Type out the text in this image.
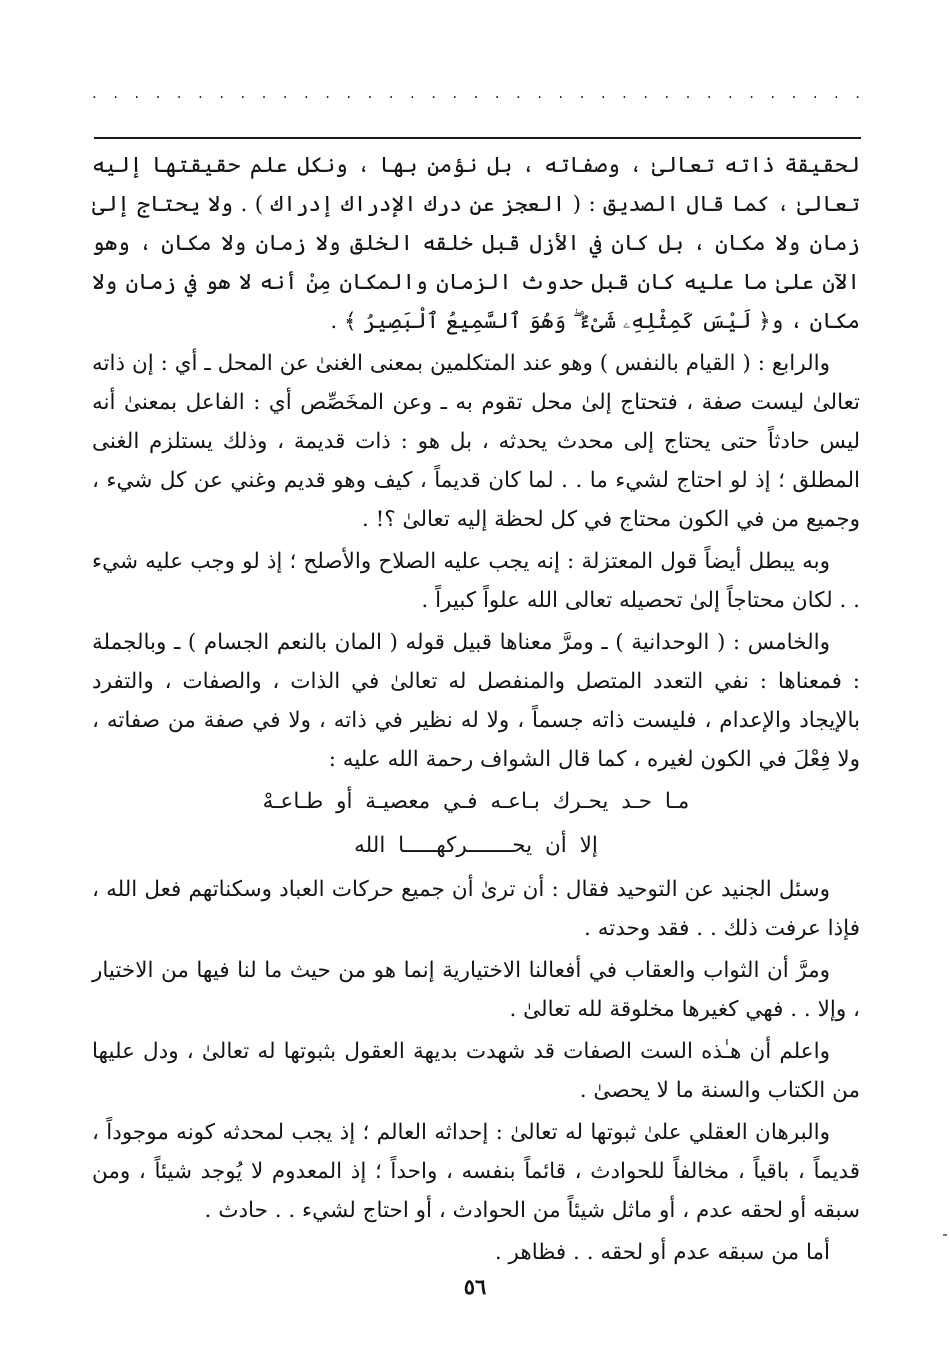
. . . . . . . . . . . . . . . . . . . . . . . . . . . . . . . . . . . . .

لحقيقة ذاته تعالىٰ ، وصفاته ، بل نؤمن بها ، ونكل علم حقيقتها إليه تعالىٰ ، كما قال الصديق : ( العجز عن درك الإدراك إدراك ) . ولا يحتاج إلىٰ زمان ولا مكان ، بل كان في الأزل قبل خلقه الخلق ولا زمان ولا مكان ، وهو الآن علىٰ ما عليه كان قبل حدوث الزمان والمكان مِنْ أنه لا هو في زمان ولا مكان ، و﴿ لَيْسَ كَمِثْلِهِۦ شَىْءٌ ۖ وَهُوَ ٱلسَّمِيعُ ٱلْبَصِيرُ ﴾ .

والرابع : ( القيام بالنفس ) وهو عند المتكلمين بمعنى الغنىٰ عن المحل ـ أي : إن ذاته تعالىٰ ليست صفة ، فتحتاج إلىٰ محل تقوم به ـ وعن المخَصِّص أي : الفاعل بمعنىٰ أنه ليس حادثاً حتى يحتاج إلى محدث يحدثه ، بل هو : ذات قديمة ، وذلك يستلزم الغنى المطلق ؛ إذ لو احتاج لشيء ما . . لما كان قديماً ، كيف وهو قديم وغني عن كل شيء ، وجميع من في الكون محتاج في كل لحظة إليه تعالىٰ ؟! .

وبه يبطل أيضاً قول المعتزلة : إنه يجب عليه الصلاح والأصلح ؛ إذ لو وجب عليه شيء . . لكان محتاجاً إلىٰ تحصيله تعالى الله علواً كبيراً .

والخامس : ( الوحدانية ) ـ ومرَّ معناها قبيل قوله ( المان بالنعم الجسام ) ـ وبالجملة : فمعناها : نفي التعدد المتصل والمنفصل له تعالىٰ في الذات ، والصفات ، والتفرد بالإيجاد والإعدام ، فليست ذاته جسماً ، ولا له نظير في ذاته ، ولا في صفة من صفاته ، ولا فِعْلَ في الكون لغيره ، كما قال الشواف رحمة الله عليه :

مـا حـد يحـرك بـاعـه فـي معصيـة أو طـاعـهْ
إلا أن يحـــــــركهـــــا الله

وسئل الجنيد عن التوحيد فقال : أن ترىٰ أن جميع حركات العباد وسكناتهم فعل الله ، فإذا عرفت ذلك . . فقد وحدته .

ومرَّ أن الثواب والعقاب في أفعالنا الاختيارية إنما هو من حيث ما لنا فيها من الاختيار ، وإلا . . فهي كغيرها مخلوقة لله تعالىٰ .

واعلم أن هـٰذه الست الصفات قد شهدت بديهة العقول بثبوتها له تعالىٰ ، ودل عليها من الكتاب والسنة ما لا يحصىٰ .

والبرهان العقلي علىٰ ثبوتها له تعالىٰ : إحداثه العالم ؛ إذ يجب لمحدثه كونه موجوداً ، قديماً ، باقياً ، مخالفاً للحوادث ، قائماً بنفسه ، واحداً ؛ إذ المعدوم لا يُوجد شيئاً ، ومن سبقه أو لحقه عدم ، أو ماثل شيئاً من الحوادث ، أو احتاج لشيء . . حادث .

أما من سبقه عدم أو لحقه . . فظاهر .

٥٦
